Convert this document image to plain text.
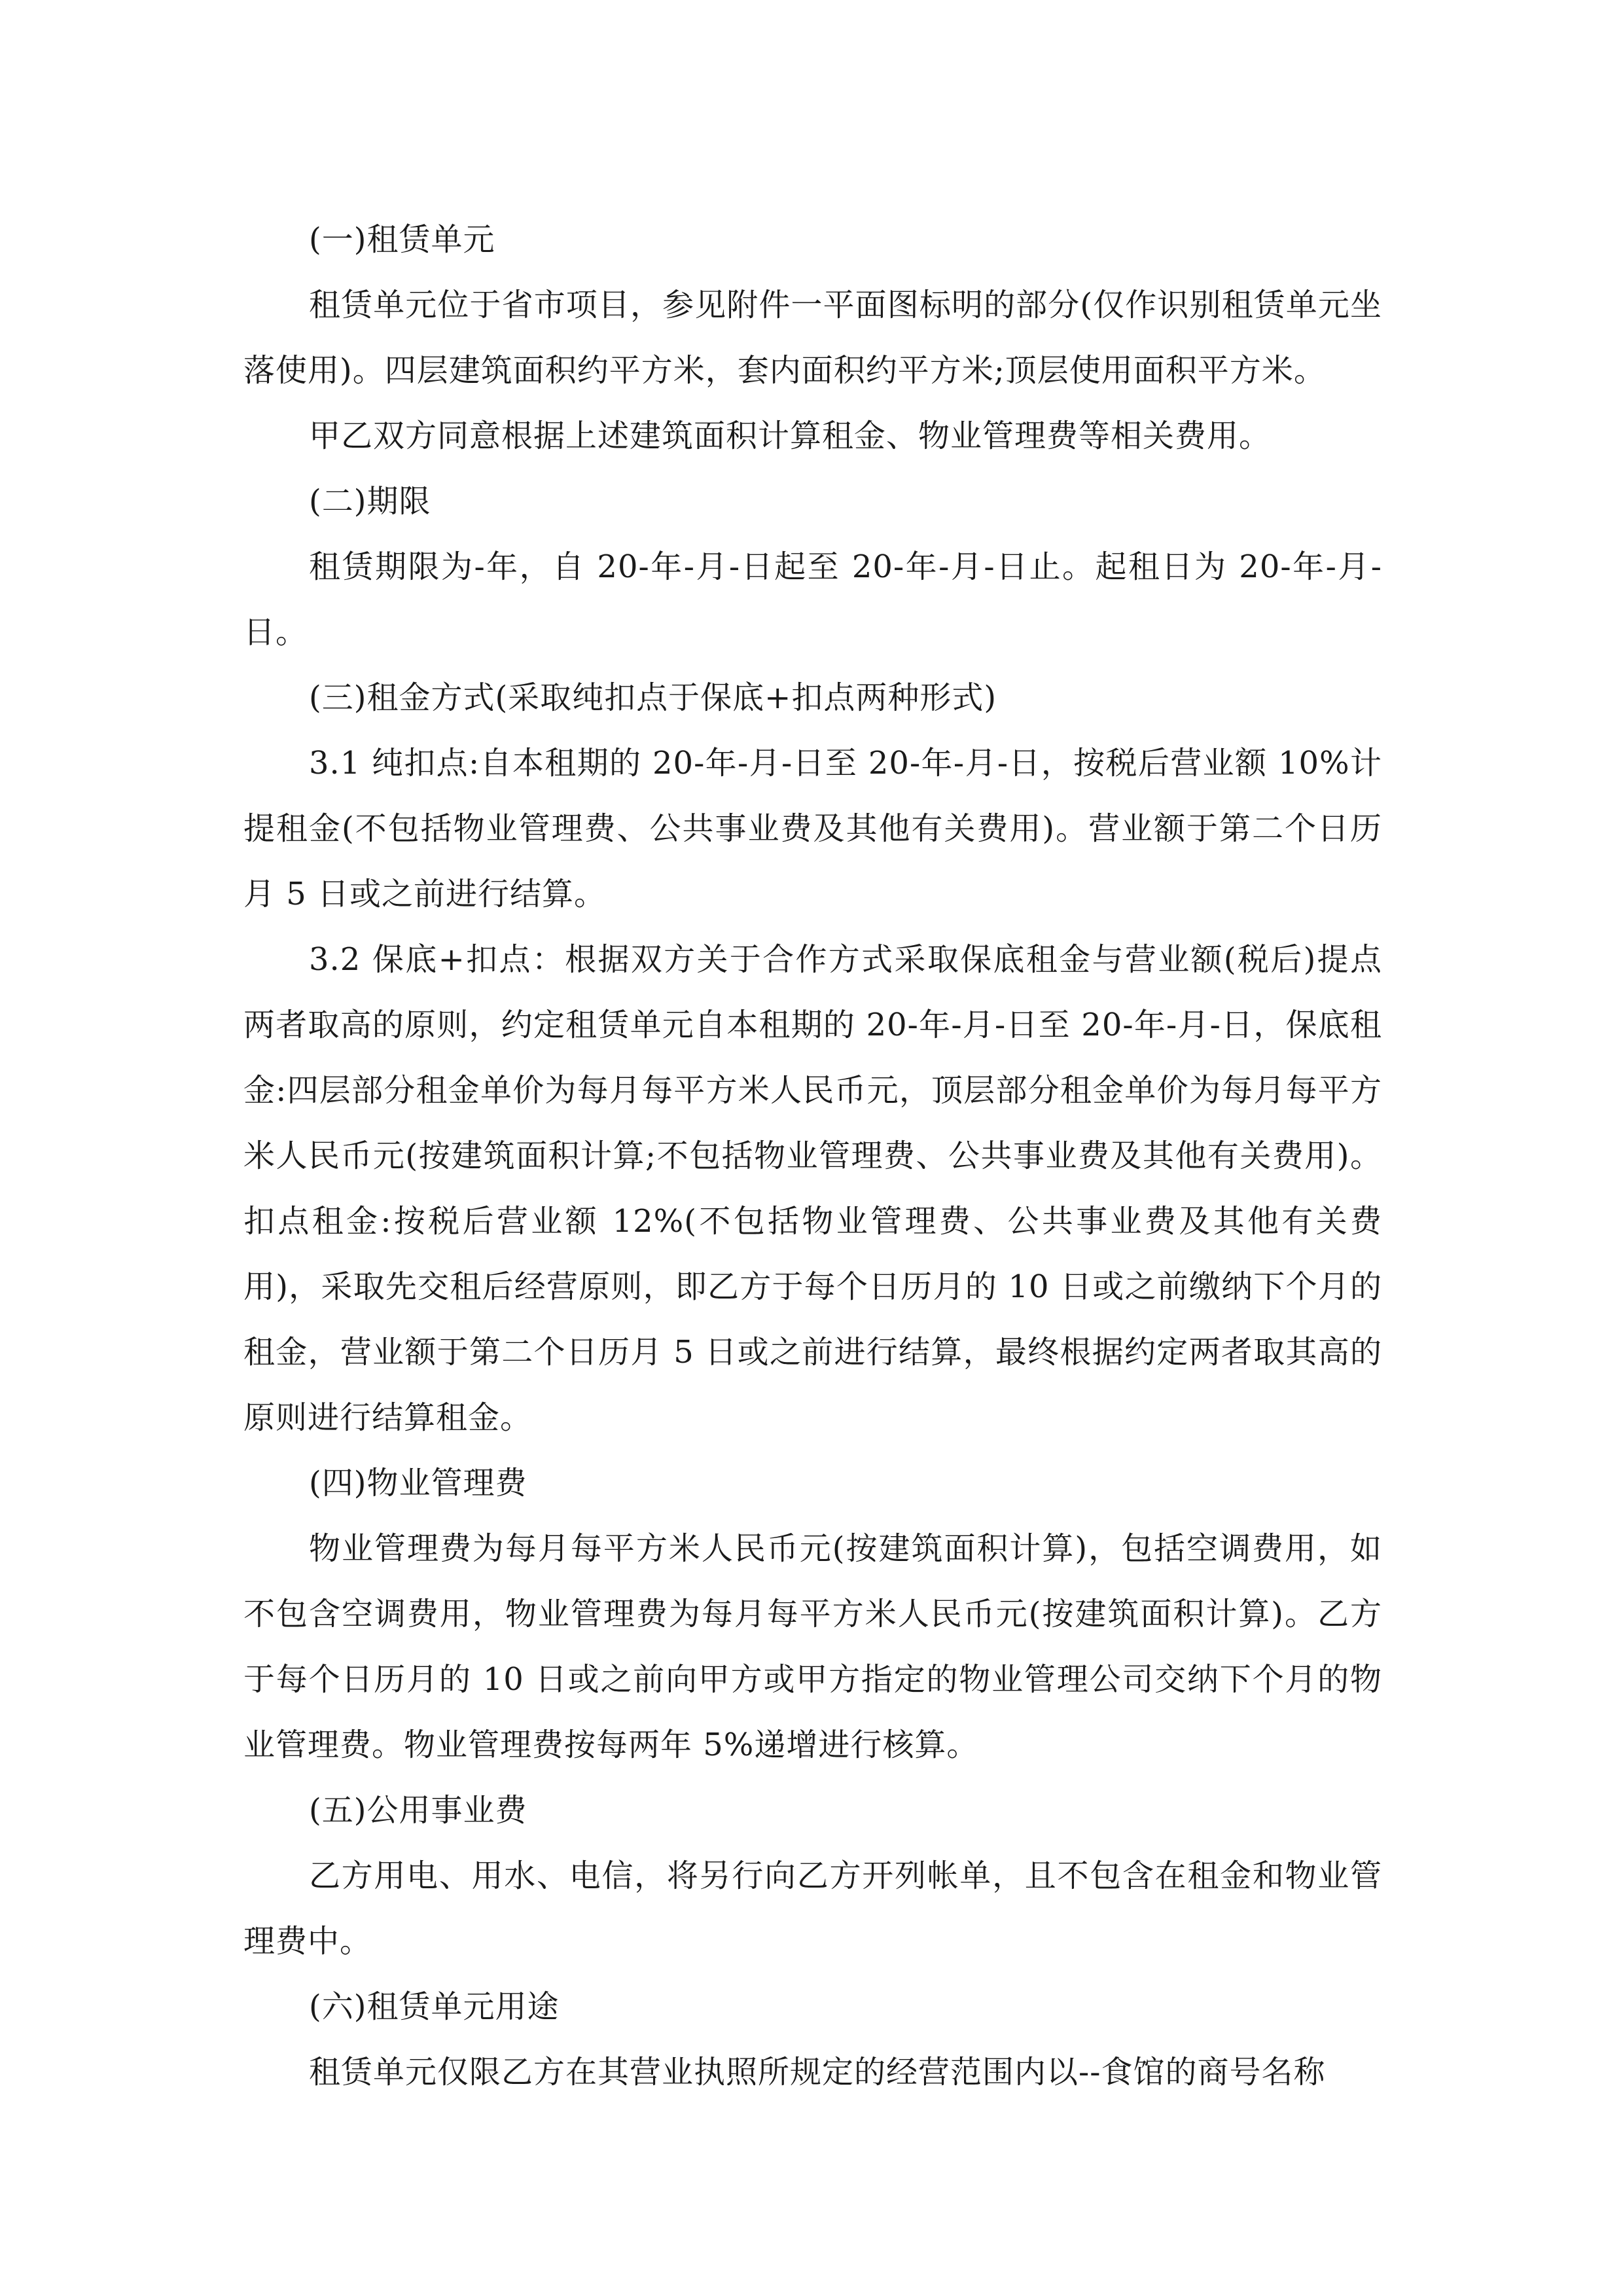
(一)租赁单元

租赁单元位于省市项目，参见附件一平面图标明的部分(仅作识别租赁单元坐落使用)。四层建筑面积约平方米，套内面积约平方米;顶层使用面积平方米。

甲乙双方同意根据上述建筑面积计算租金、物业管理费等相关费用。

(二)期限

租赁期限为-年，自 20-年-月-日起至 20-年-月-日止。起租日为 20-年-月-日。

(三)租金方式(采取纯扣点于保底+扣点两种形式)

3.1 纯扣点:自本租期的 20-年-月-日至 20-年-月-日，按税后营业额 10%计提租金(不包括物业管理费、公共事业费及其他有关费用)。营业额于第二个日历月 5 日或之前进行结算。

3.2 保底+扣点：根据双方关于合作方式采取保底租金与营业额(税后)提点两者取高的原则，约定租赁单元自本租期的 20-年-月-日至 20-年-月-日，保底租金:四层部分租金单价为每月每平方米人民币元，顶层部分租金单价为每月每平方米人民币元(按建筑面积计算;不包括物业管理费、公共事业费及其他有关费用)。扣点租金:按税后营业额 12%(不包括物业管理费、公共事业费及其他有关费用)，采取先交租后经营原则，即乙方于每个日历月的 10 日或之前缴纳下个月的租金，营业额于第二个日历月 5 日或之前进行结算，最终根据约定两者取其高的原则进行结算租金。

(四)物业管理费

物业管理费为每月每平方米人民币元(按建筑面积计算)，包括空调费用，如不包含空调费用，物业管理费为每月每平方米人民币元(按建筑面积计算)。乙方于每个日历月的 10 日或之前向甲方或甲方指定的物业管理公司交纳下个月的物业管理费。物业管理费按每两年 5%递增进行核算。

(五)公用事业费

乙方用电、用水、电信，将另行向乙方开列帐单，且不包含在租金和物业管理费中。

(六)租赁单元用途

租赁单元仅限乙方在其营业执照所规定的经营范围内以--食馆的商号名称
